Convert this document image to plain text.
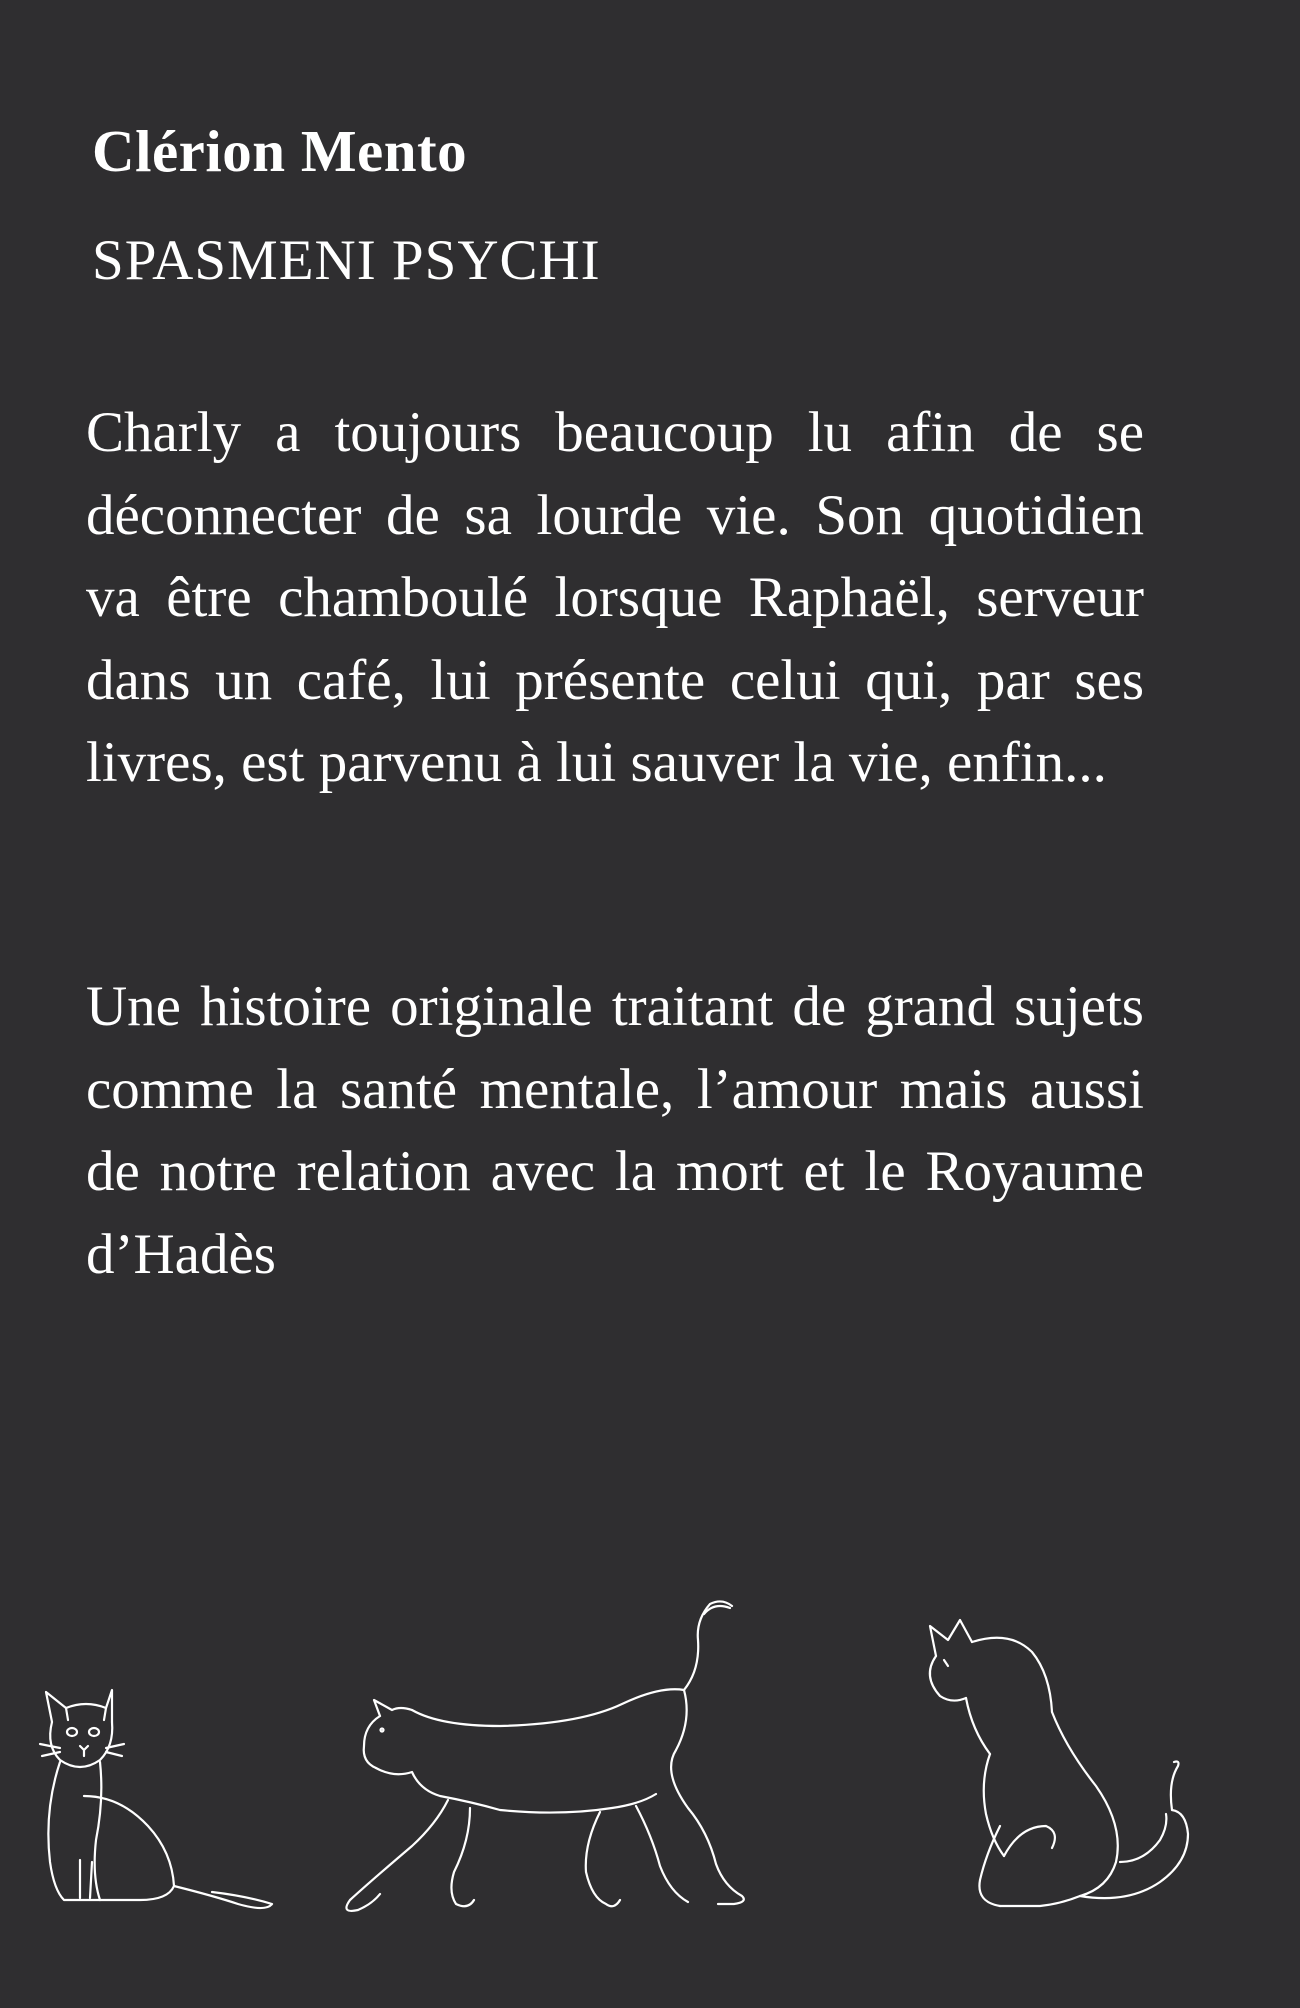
Clérion Mento
SPASMENI PSYCHI

Charly a toujours beaucoup lu afin de se déconnecter de sa lourde vie. Son quotidien va être chamboulé lorsque Raphaël, serveur dans un café, lui présente celui qui, par ses livres, est parvenu à lui sauver la vie, enfin...

Une histoire originale traitant de grand sujets comme la santé mentale, l’amour mais aussi de notre relation avec la mort et le Royaume d’Hadès
